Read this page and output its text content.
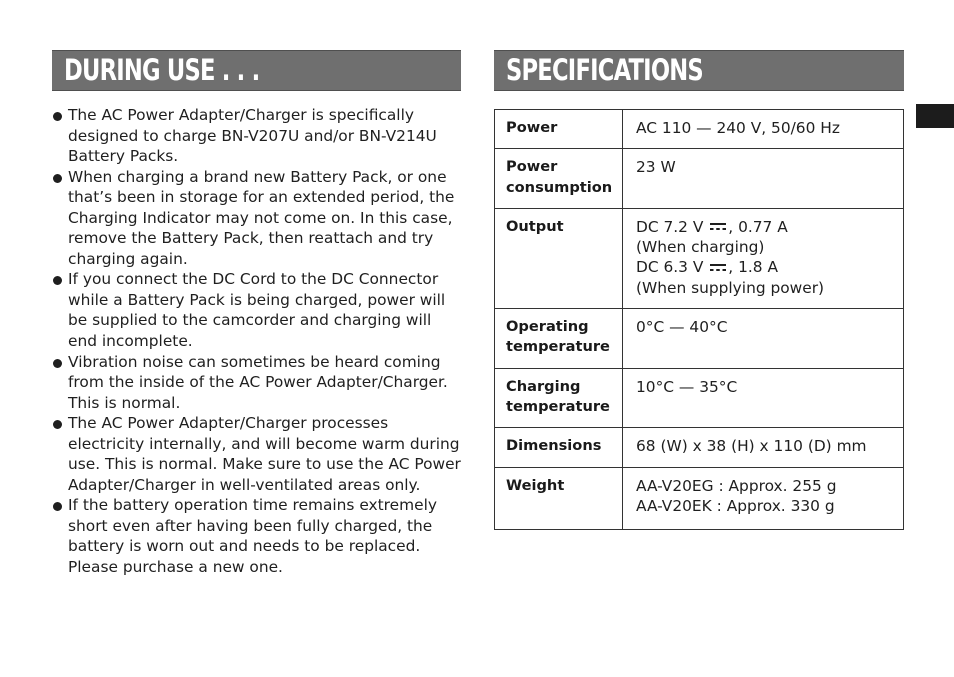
DURING USE . . .
The AC Power Adapter/Charger is specifically designed to charge BN-V207U and/or BN-V214U Battery Packs.
When charging a brand new Battery Pack, or one that’s been in storage for an extended period, the Charging Indicator may not come on. In this case, remove the Battery Pack, then reattach and try charging again.
If you connect the DC Cord to the DC Connector while a Battery Pack is being charged, power will be supplied to the camcorder and charging will end incomplete.
Vibration noise can sometimes be heard coming from the inside of the AC Power Adapter/Charger. This is normal.
The AC Power Adapter/Charger processes electricity internally, and will become warm during use. This is normal. Make sure to use the AC Power Adapter/Charger in well-ventilated areas only.
If the battery operation time remains extremely short even after having been fully charged, the battery is worn out and needs to be replaced. Please purchase a new one.
SPECIFICATIONS
Power	AC 110 — 240 V, 50/60 Hz
Power consumption	23 W
Output	DC 7.2 V , 0.77 A
(When charging)
DC 6.3 V , 1.8 A
(When supplying power)

Operating temperature	0°C — 40°C
Charging temperature	10°C — 35°C
Dimensions	68 (W) x 38 (H) x 110 (D) mm
Weight	AA-V20EG : Approx. 255 g
AA-V20EK : Approx. 330 g
